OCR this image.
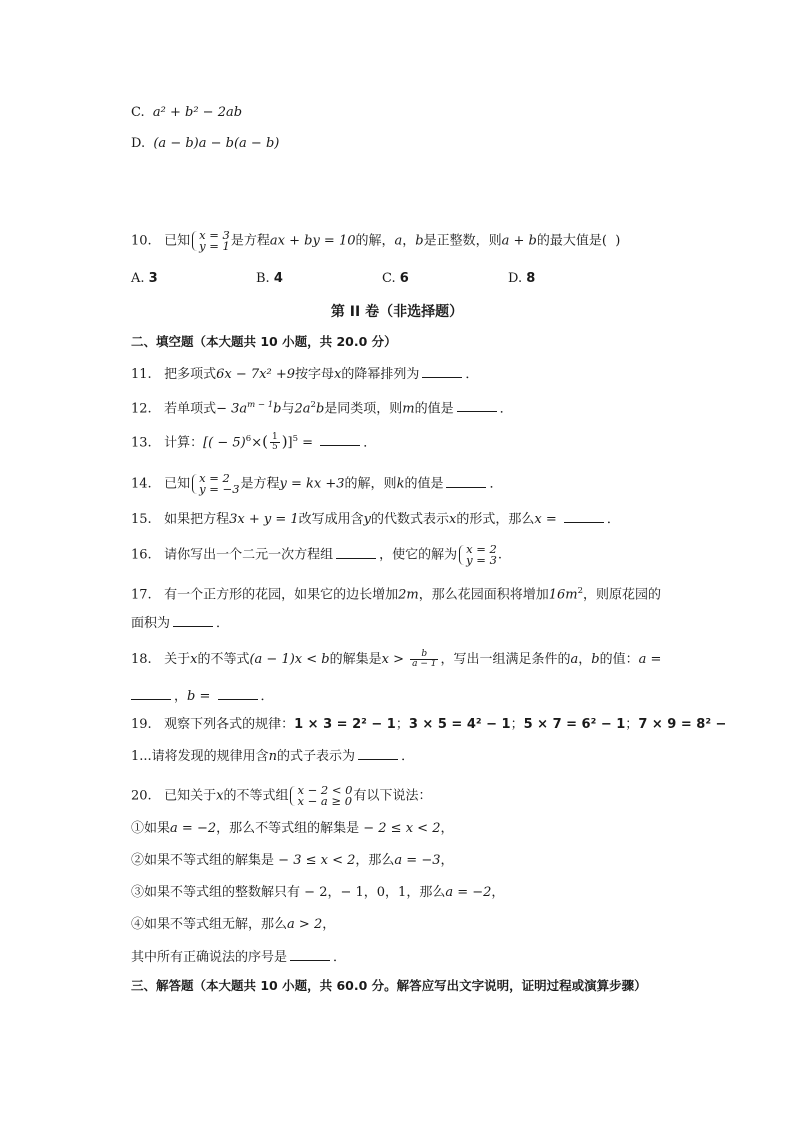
C. a² + b² − 2ab
D. (a − b)a − b(a − b)
10. 已知 x = 3
y = 1 是方程ax + by = 10的解，a，b是正整数，则a + b的最大值是(  )
A. 3	B. 4	C. 6	D. 8
第 II 卷（非选择题）
二、填空题（本大题共 10 小题，共 20.0 分）
11. 把多项式6x − 7x² +9按字母x的降幂排列为	．
12. 若单项式− $3a^{m - 1}b$与$2a^2b$是同类项，则m的值是	．
13. 计算：[( − $5)^6\times( \frac{1}{5} )]^5$ =	．
14. 已知 x = 2
y = −3 是方程y = kx +3的解，则k的值是	．
15. 如果把方程3x + y = 1改写成用含y的代数式表示x的形式，那么x =	．
16. 请你写出一个二元一次方程组	，使它的解为 x = 2
y = 3 .
17. 有一个正方形的花园，如果它的边长增加2m，那么花园面积将增加$16m^2$，则原花园的
面积为	．
18. 关于x的不等式(a − 1)x < b的解集是$x > \frac{b}{a - 1}$ ，写出一组满足条件的a，b的值：a =
，b =	．
19. 观察下列各式的规律：1 × 3 = 2² − 1；3 × 5 = 4² − 1；5 × 7 = 6² − 1；7 × 9 = 8² −
1...请将发现的规律用含n的式子表示为	．
20. 已知关于x的不等式组 x − 2 < 0
x − a ≥ 0 有以下说法：
①如果a = −2，那么不等式组的解集是 − 2 ≤ x < 2，
②如果不等式组的解集是 − 3 ≤ x < 2，那么a = −3，
③如果不等式组的整数解只有 − 2，− 1，0，1，那么a = −2，
④如果不等式组无解，那么a > 2，
其中所有正确说法的序号是	．
三、解答题（本大题共 10 小题，共 60.0 分。解答应写出文字说明，证明过程或演算步骤）
